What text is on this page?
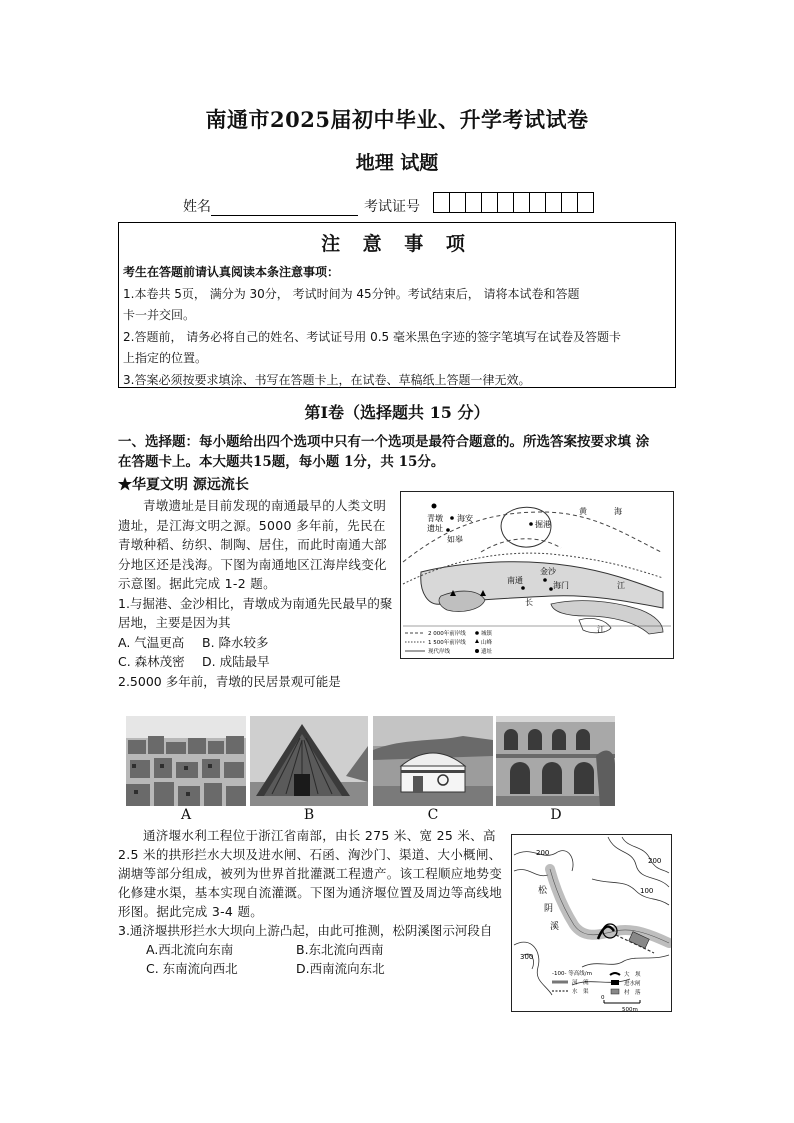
南通市2025届初中毕业、升学考试试卷
地理 试题
姓名	考试证号
注 意 事 项
考生在答题前请认真阅读本条注意事项：
1.本卷共 5页， 满分为 30分， 考试时间为 45分钟。考试结束后， 请将本试卷和答题
卡一并交回。
2.答题前， 请务必将自己的姓名、考试证号用 0.5 毫米黑色字迹的签字笔填写在试卷及答题卡
上指定的位置。
3.答案必须按要求填涂、书写在答题卡上，在试卷、草稿纸上答题一律无效。
第Ⅰ卷（选择题共 15 分）
一、选择题：每小题给出四个选项中只有一个选项是最符合题意的。所选答案按要求填 涂
在答题卡上。本大题共15题，每小题 1分，共 15分。
★华夏文明 源远流长
青墩遗址是目前发现的南通最早的人类文明遗址，是江海文明之源。5000 多年前，先民在青墩种稻、纺织、制陶、居住，而此时南通大部分地区还是浅海。下图为南通地区江海岸线变化示意图。据此完成 1-2 题。
1.与掘港、金沙相比，青墩成为南通先民最早的聚居地，主要是因为其
A. 气温更高 B. 降水较多
C. 森林茂密 D. 成陆最早
2.5000 多年前，青墩的民居景观可能是
青墩
遗址
海安
如皋
掘港
黄	海
南通
金沙
海门	江
长
江
2 000年前岸线
1 500年前岸线
现代岸线
城镇
山峰
遗址
A	B	C	D
通济堰水利工程位于浙江省南部，由长 275 米、宽 25 米、高 2.5 米的拱形拦水大坝及进水闸、石函、洶沙门、渠道、大小概闸、湖塘等部分组成，被列为世界首批灌溉工程遗产。该工程顺应地势变化修建水渠，基本实现自流灌溉。下图为通济堰位置及周边等高线地形图。据此完成 3-4 题。
3.通济堰拱形拦水大坝向上游凸起，由此可推测，松阴溪图示河段自
A.西北流向东南	B.东北流向西南
C. 东南流向西北	D.西南流向东北
200
200
300
100
松
阴
溪
-100- 等高线/m
河　流
水　渠
大　坝
进水闸
村　落
0
500m
